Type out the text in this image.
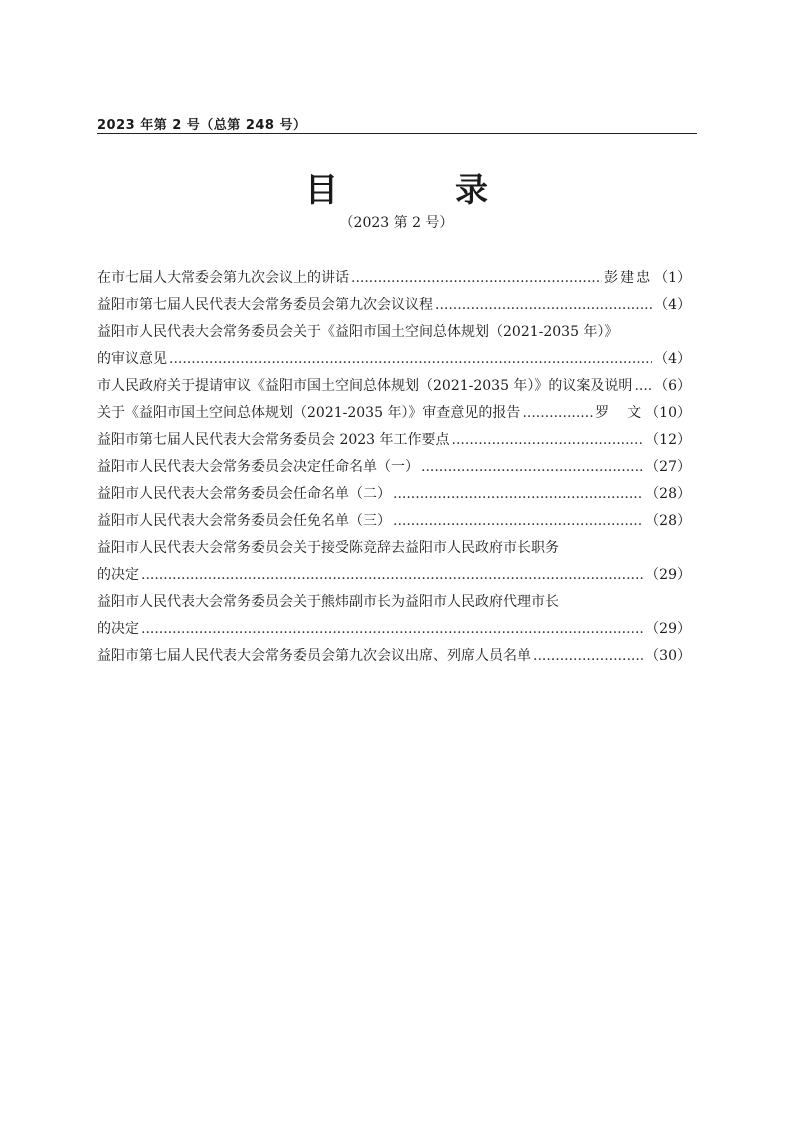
2023 年第 2 号（总第 248 号）
目　录
（2023 第 2 号）
在市七届人大常委会第九次会议上的讲话 .....	彭建忠 （1）
益阳市第七届人民代表大会常务委员会第九次会议议程 .....	（4）
益阳市人民代表大会常务委员会关于《益阳市国土空间总体规划（2021-2035 年）》
的审议意见 .....	（4）
市人民政府关于提请审议《益阳市国土空间总体规划（2021-2035 年）》的议案及说明 ..... （6）
关于《益阳市国土空间总体规划（2021-2035 年）》审查意见的报告 .....	罗　文 （10）
益阳市第七届人民代表大会常务委员会 2023 年工作要点 .....	（12）
益阳市人民代表大会常务委员会决定任命名单（一） .....	（27）
益阳市人民代表大会常务委员会任命名单（二） .....	（28）
益阳市人民代表大会常务委员会任免名单（三） .....	（28）
益阳市人民代表大会常务委员会关于接受陈竞辞去益阳市人民政府市长职务
的决定 .....	（29）
益阳市人民代表大会常务委员会关于熊炜副市长为益阳市人民政府代理市长
的决定 .....	（29）
益阳市第七届人民代表大会常务委员会第九次会议出席、列席人员名单 .....	（30）
